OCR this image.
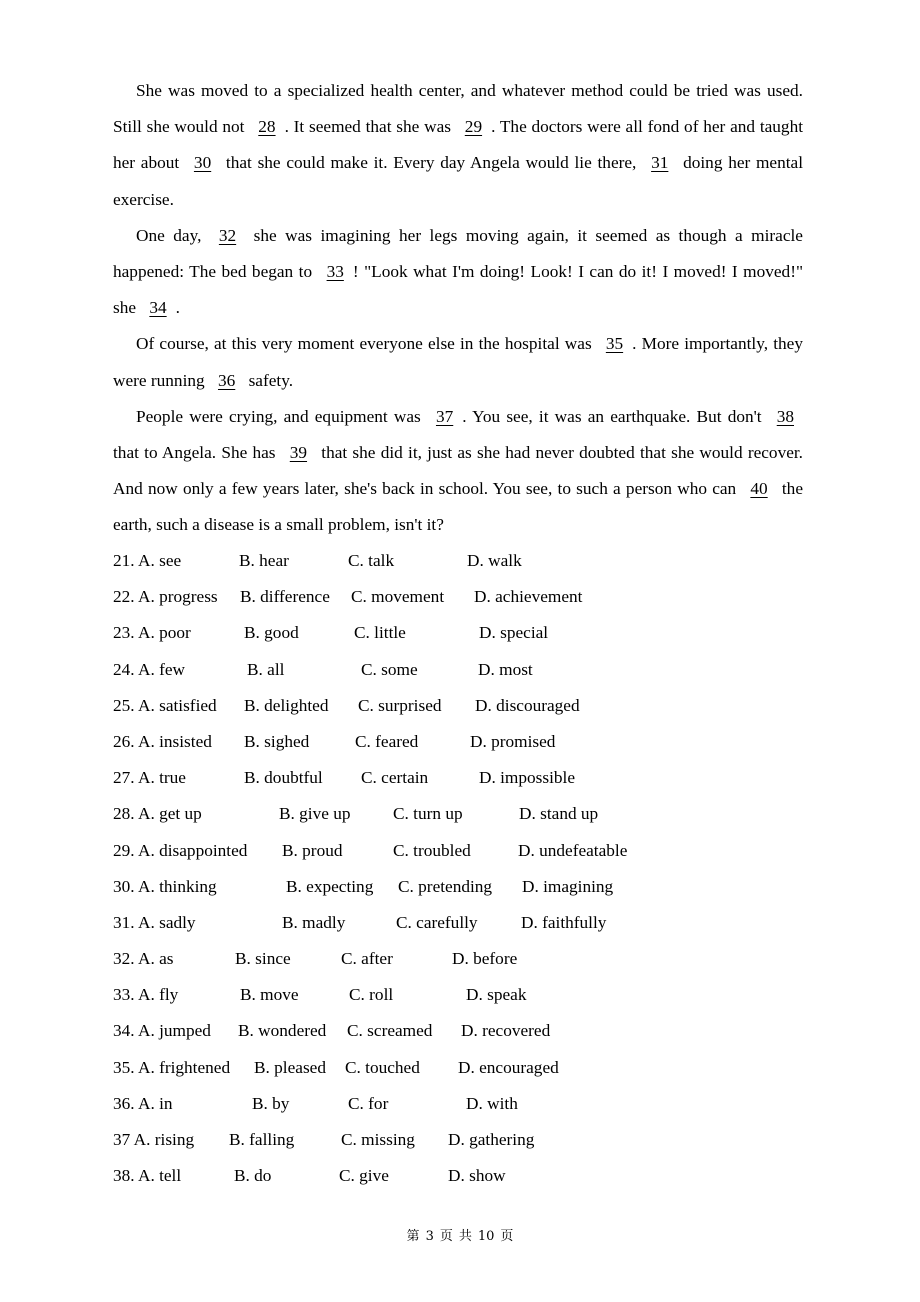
She was moved to a specialized health center, and whatever method could be tried was used. Still she would not 28 . It seemed that she was 29 . The doctors were all fond of her and taught her about 30 that she could make it. Every day Angela would lie there, 31 doing her mental exercise.

One day, 32 she was imagining her legs moving again, it seemed as though a miracle happened: The bed began to 33 ! "Look what I'm doing! Look! I can do it! I moved! I moved!" she 34 .

Of course, at this very moment everyone else in the hospital was 35 . More importantly, they were running 36 safety.

People were crying, and equipment was 37 . You see, it was an earthquake. But don't 38 that to Angela. She has 39 that she did it, just as she had never doubted that she would recover. And now only a few years later, she's back in school. You see, to such a person who can 40 the earth, such a disease is a small problem, isn't it?

21. A. see	B. hear	C. talk	D. walk
22. A. progress B. difference C. movement D. achievement
23. A. poor	B. good	C. little	D. special
24. A. few	B. all	C. some	D. most
25. A. satisfied B. delighted C. surprised D. discouraged
26. A. insisted B. sighed	C. feared	D. promised
27. A. true	B. doubtful C. certain	D. impossible
28. A. get up	B. give up C. turn up	D. stand up
29. A. disappointed B. proud	C. troubled	D. undefeatable
30. A. thinking	B. expecting C. pretending D. imagining
31. A. sadly	B. madly	C. carefully	D. faithfully
32. A. as	B. since	C. after	D. before
33. A. fly	B. move	C. roll	D. speak
34. A. jumped B. wondered C. screamed D. recovered
35. A. frightened B. pleased C. touched D. encouraged
36. A. in	B. by	C. for	D. with
37 A. rising B. falling	C. missing D. gathering
38. A. tell	B. do	C. give	D. show
第 3 页 共 10 页
